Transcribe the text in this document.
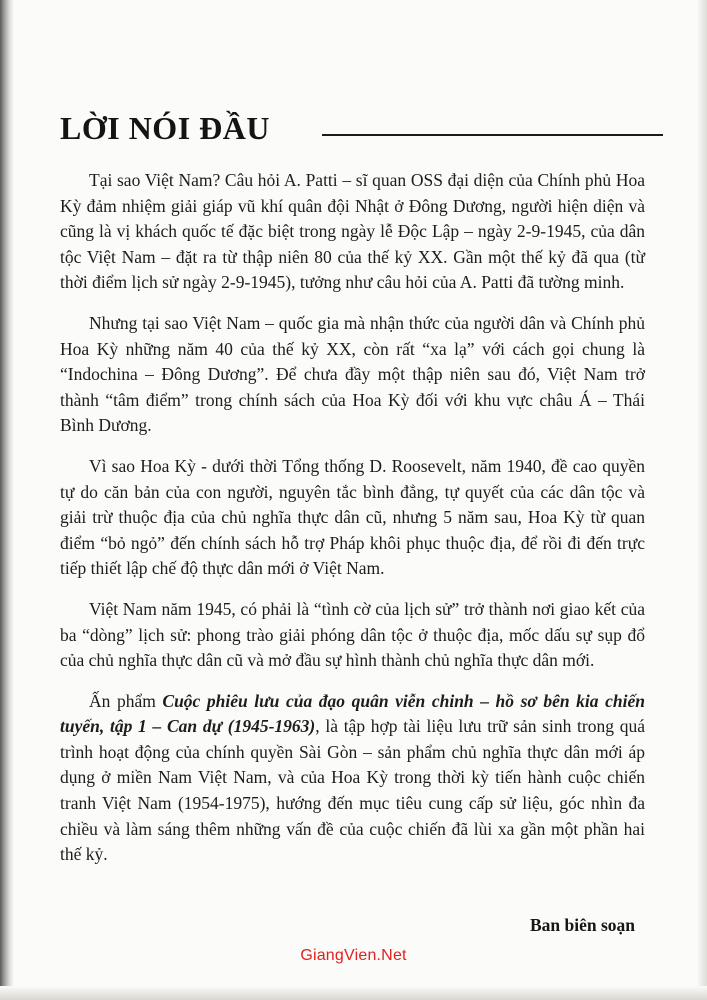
LỜI NÓI ĐẦU

Tại sao Việt Nam? Câu hỏi A. Patti – sĩ quan OSS đại diện của Chính phủ Hoa Kỳ đảm nhiệm giải giáp vũ khí quân đội Nhật ở Đông Dương, người hiện diện và cũng là vị khách quốc tế đặc biệt trong ngày lễ Độc Lập – ngày 2-9-1945, của dân tộc Việt Nam – đặt ra từ thập niên 80 của thế kỷ XX. Gần một thế kỷ đã qua (từ thời điểm lịch sử ngày 2-9-1945), tưởng như câu hỏi của A. Patti đã tường minh.

Nhưng tại sao Việt Nam – quốc gia mà nhận thức của người dân và Chính phủ Hoa Kỳ những năm 40 của thế kỷ XX, còn rất “xa lạ” với cách gọi chung là “Indochina – Đông Dương”. Để chưa đầy một thập niên sau đó, Việt Nam trở thành “tâm điểm” trong chính sách của Hoa Kỳ đối với khu vực châu Á – Thái Bình Dương.

Vì sao Hoa Kỳ - dưới thời Tổng thống D. Roosevelt, năm 1940, đề cao quyền tự do căn bản của con người, nguyên tắc bình đẳng, tự quyết của các dân tộc và giải trừ thuộc địa của chủ nghĩa thực dân cũ, nhưng 5 năm sau, Hoa Kỳ từ quan điểm “bỏ ngỏ” đến chính sách hỗ trợ Pháp khôi phục thuộc địa, để rồi đi đến trực tiếp thiết lập chế độ thực dân mới ở Việt Nam.

Việt Nam năm 1945, có phải là “tình cờ của lịch sử” trở thành nơi giao kết của ba “dòng” lịch sử: phong trào giải phóng dân tộc ở thuộc địa, mốc dấu sự sụp đổ của chủ nghĩa thực dân cũ và mở đầu sự hình thành chủ nghĩa thực dân mới.

Ấn phẩm Cuộc phiêu lưu của đạo quân viễn chinh – hồ sơ bên kia chiến tuyến, tập 1 – Can dự (1945-1963), là tập hợp tài liệu lưu trữ sản sinh trong quá trình hoạt động của chính quyền Sài Gòn – sản phẩm chủ nghĩa thực dân mới áp dụng ở miền Nam Việt Nam, và của Hoa Kỳ trong thời kỳ tiến hành cuộc chiến tranh Việt Nam (1954-1975), hướng đến mục tiêu cung cấp sử liệu, góc nhìn đa chiều và làm sáng thêm những vấn đề của cuộc chiến đã lùi xa gần một phần hai thế kỷ.

Ban biên soạn
GiangVien.Net
